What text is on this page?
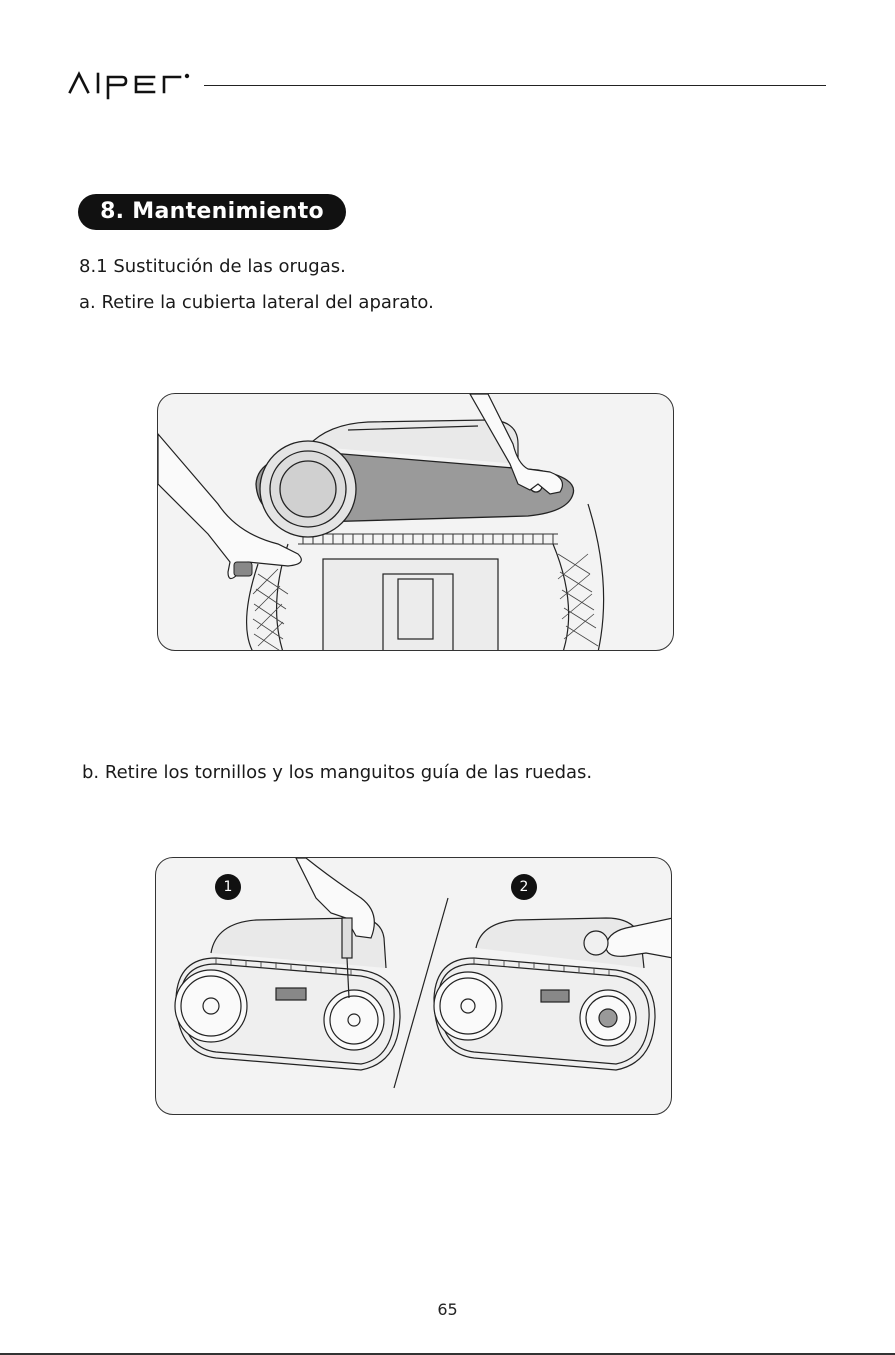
8. Mantenimiento
8.1 Sustitución de las orugas.
a. Retire la cubierta lateral del aparato.
b. Retire los tornillos y los manguitos guía de las ruedas.
1	2
65
